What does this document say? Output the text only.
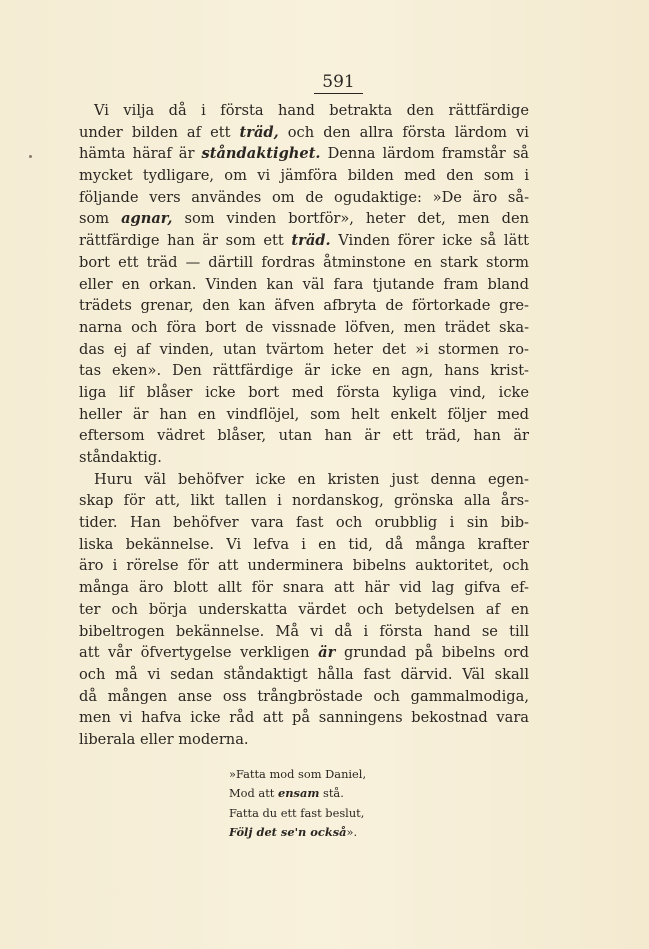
591
Vi vilja då i första hand betrakta den rättfärdige
under bilden af ett träd, och den allra första lärdom vi
hämta häraf är ståndaktighet. Denna lärdom framstår så
mycket tydligare, om vi jämföra bilden med den som i
följande vers användes om de ogudaktige: »De äro så-
som agnar, som vinden bortför», heter det, men den
rättfärdige han är som ett träd. Vinden förer icke så lätt
bort ett träd — därtill fordras åtminstone en stark storm
eller en orkan. Vinden kan väl fara tjutande fram bland
trädets grenar, den kan äfven afbryta de förtorkade gre-
narna och föra bort de vissnade löfven, men trädet ska-
das ej af vinden, utan tvärtom heter det »i stormen ro-
tas eken». Den rättfärdige är icke en agn, hans krist-
liga lif blåser icke bort med första kyliga vind, icke
heller är han en vindflöjel, som helt enkelt följer med
eftersom vädret blåser, utan han är ett träd, han är
ståndaktig.
Huru väl behöfver icke en kristen just denna egen-
skap för att, likt tallen i nordanskog, grönska alla års-
tider. Han behöfver vara fast och orubblig i sin bib-
liska bekännelse. Vi lefva i en tid, då många krafter
äro i rörelse för att underminera bibelns auktoritet, och
många äro blott allt för snara att här vid lag gifva ef-
ter och börja underskatta värdet och betydelsen af en
bibeltrogen bekännelse. Må vi då i första hand se till
att vår öfvertygelse verkligen är grundad på bibelns ord
och må vi sedan ståndaktigt hålla fast därvid. Väl skall
då mången anse oss trångbröstade och gammalmodiga,
men vi hafva icke råd att på sanningens bekostnad vara
liberala eller moderna.
»Fatta mod som Daniel,
Mod att ensam stå.
Fatta du ett fast beslut,
Följ det se'n också».
